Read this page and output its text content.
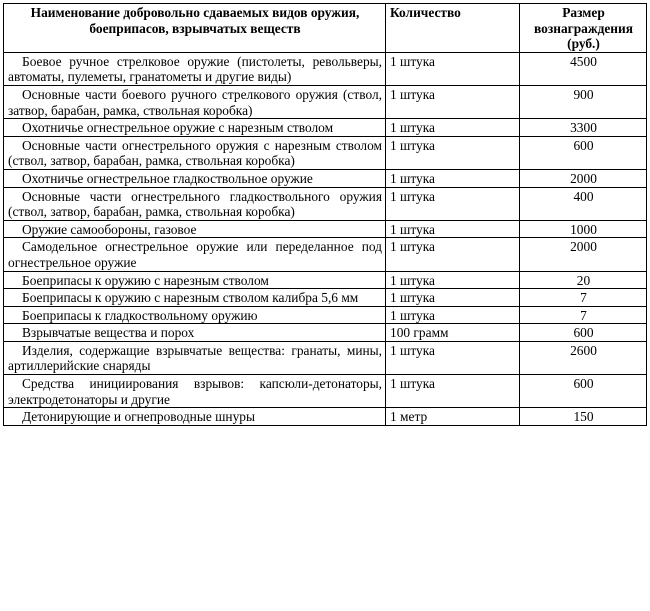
Наименование добровольно сдаваемых видов оружия, боеприпасов, взрывчатых веществ	Количество	Размер вознаграждения (руб.)
Боевое ручное стрелковое оружие (пистолеты, револьверы, автоматы, пулеметы, гранатометы и другие виды)	1 штука	4500
Основные части боевого ручного стрелкового оружия (ствол, затвор, барабан, рамка, ствольная коробка)	1 штука	900
Охотничье огнестрельное оружие с нарезным стволом	1 штука	3300
Основные части огнестрельного оружия с нарезным стволом (ствол, затвор, барабан, рамка, ствольная коробка)	1 штука	600
Охотничье огнестрельное гладкоствольное оружие	1 штука	2000
Основные части огнестрельного гладкоствольного оружия (ствол, затвор, барабан, рамка, ствольная коробка)	1 штука	400
Оружие самообороны, газовое	1 штука	1000
Самодельное огнестрельное оружие или переделанное под огнестрельное оружие	1 штука	2000
Боеприпасы к оружию с нарезным стволом	1 штука	20
Боеприпасы к оружию с нарезным стволом калибра 5,6 мм	1 штука	7
Боеприпасы к гладкоствольному оружию	1 штука	7
Взрывчатые вещества и порох	100 грамм	600
Изделия, содержащие взрывчатые вещества: гранаты, мины, артиллерийские снаряды	1 штука	2600
Средства инициирования взрывов: капсюли-детонаторы, электродетонаторы и другие	1 штука	600
Детонирующие и огнепроводные шнуры	1 метр	150
